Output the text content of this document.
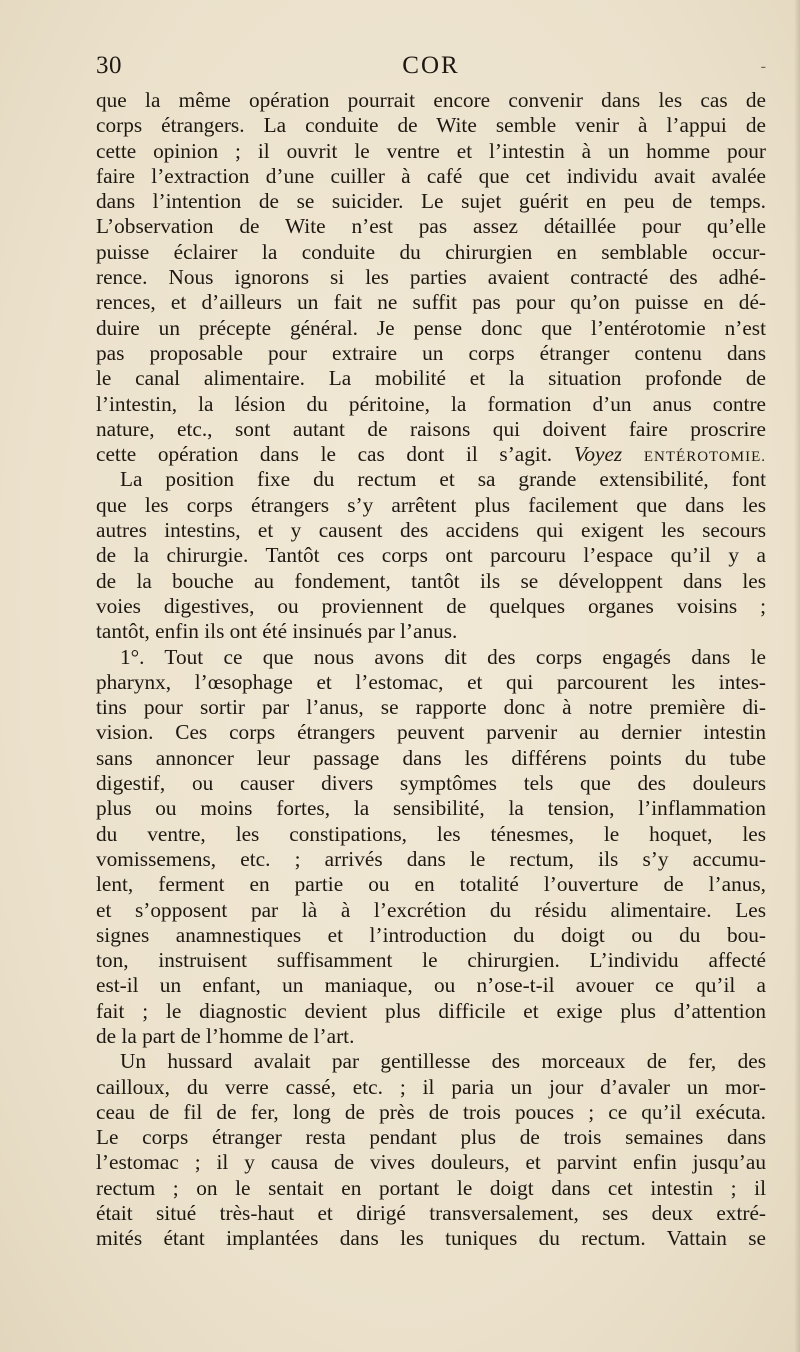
30	COR	-
que la même opération pourrait encore convenir dans les cas de
corps étrangers. La conduite de Wite semble venir à l’appui de
cette opinion ; il ouvrit le ventre et l’intestin à un homme pour
faire l’extraction d’une cuiller à café que cet individu avait avalée
dans l’intention de se suicider. Le sujet guérit en peu de temps.
L’observation de Wite n’est pas assez détaillée pour qu’elle
puisse éclairer la conduite du chirurgien en semblable occur-
rence. Nous ignorons si les parties avaient contracté des adhé-
rences, et d’ailleurs un fait ne suffit pas pour qu’on puisse en dé-
duire un précepte général. Je pense donc que l’entérotomie n’est
pas proposable pour extraire un corps étranger contenu dans
le canal alimentaire. La mobilité et la situation profonde de
l’intestin, la lésion du péritoine, la formation d’un anus contre
nature, etc., sont autant de raisons qui doivent faire proscrire
cette opération dans le cas dont il s’agit. Voyez ENTÉROTOMIE.
La position fixe du rectum et sa grande extensibilité, font
que les corps étrangers s’y arrêtent plus facilement que dans les
autres intestins, et y causent des accidens qui exigent les secours
de la chirurgie. Tantôt ces corps ont parcouru l’espace qu’il y a
de la bouche au fondement, tantôt ils se développent dans les
voies digestives, ou proviennent de quelques organes voisins ;
tantôt, enfin ils ont été insinués par l’anus.
1°. Tout ce que nous avons dit des corps engagés dans le
pharynx, l’œsophage et l’estomac, et qui parcourent les intes-
tins pour sortir par l’anus, se rapporte donc à notre première di-
vision. Ces corps étrangers peuvent parvenir au dernier intestin
sans annoncer leur passage dans les différens points du tube
digestif, ou causer divers symptômes tels que des douleurs
plus ou moins fortes, la sensibilité, la tension, l’inflammation
du ventre, les constipations, les ténesmes, le hoquet, les
vomissemens, etc. ; arrivés dans le rectum, ils s’y accumu-
lent, ferment en partie ou en totalité l’ouverture de l’anus,
et s’opposent par là à l’excrétion du résidu alimentaire. Les
signes anamnestiques et l’introduction du doigt ou du bou-
ton, instruisent suffisamment le chirurgien. L’individu affecté
est-il un enfant, un maniaque, ou n’ose-t-il avouer ce qu’il a
fait ; le diagnostic devient plus difficile et exige plus d’attention
de la part de l’homme de l’art.
Un hussard avalait par gentillesse des morceaux de fer, des
cailloux, du verre cassé, etc. ; il paria un jour d’avaler un mor-
ceau de fil de fer, long de près de trois pouces ; ce qu’il exécuta.
Le corps étranger resta pendant plus de trois semaines dans
l’estomac ; il y causa de vives douleurs, et parvint enfin jusqu’au
rectum ; on le sentait en portant le doigt dans cet intestin ; il
était situé très-haut et dirigé transversalement, ses deux extré-
mités étant implantées dans les tuniques du rectum. Vattain se
